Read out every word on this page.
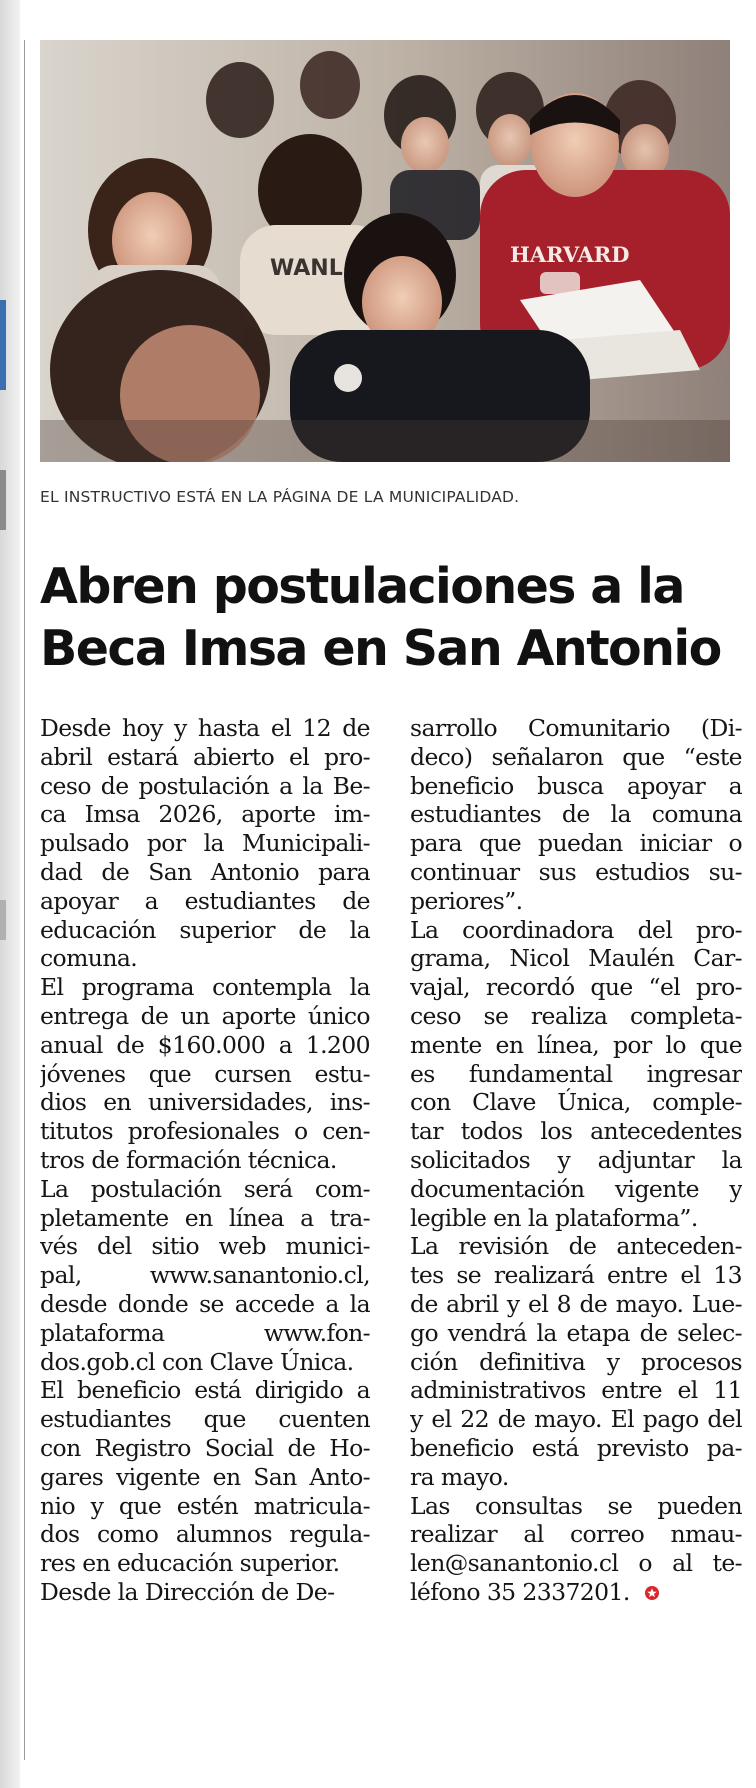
WANL
HARVARD
EL INSTRUCTIVO ESTÁ EN LA PÁGINA DE LA MUNICIPALIDAD.
Abren postulaciones a la
Beca Imsa en San Antonio
Desde hoy y hasta el 12 de
abril estará abierto el pro-
ceso de postulación a la Be-
ca Imsa 2026, aporte im-
pulsado por la Municipali-
dad de San Antonio para
apoyar a estudiantes de
educación superior de la
comuna.
El programa contempla la
entrega de un aporte único
anual de $160.000 a 1.200
jóvenes que cursen estu-
dios en universidades, ins-
titutos profesionales o cen-
tros de formación técnica.
La postulación será com-
pletamente en línea a tra-
vés del sitio web munici-
pal, www.sanantonio.cl,
desde donde se accede a la
plataforma www.fon-
dos.gob.cl con Clave Única.
El beneficio está dirigido a
estudiantes que cuenten
con Registro Social de Ho-
gares vigente en San Anto-
nio y que estén matricula-
dos como alumnos regula-
res en educación superior.
Desde la Dirección de De-
sarrollo Comunitario (Di-
deco) señalaron que “este
beneficio busca apoyar a
estudiantes de la comuna
para que puedan iniciar o
continuar sus estudios su-
periores”.
La coordinadora del pro-
grama, Nicol Maulén Car-
vajal, recordó que “el pro-
ceso se realiza completa-
mente en línea, por lo que
es fundamental ingresar
con Clave Única, comple-
tar todos los antecedentes
solicitados y adjuntar la
documentación vigente y
legible en la plataforma”.
La revisión de anteceden-
tes se realizará entre el 13
de abril y el 8 de mayo. Lue-
go vendrá la etapa de selec-
ción definitiva y procesos
administrativos entre el 11
y el 22 de mayo. El pago del
beneficio está previsto pa-
ra mayo.
Las consultas se pueden
realizar al correo nmau-
len@sanantonio.cl o al te-
léfono 35 2337201.
